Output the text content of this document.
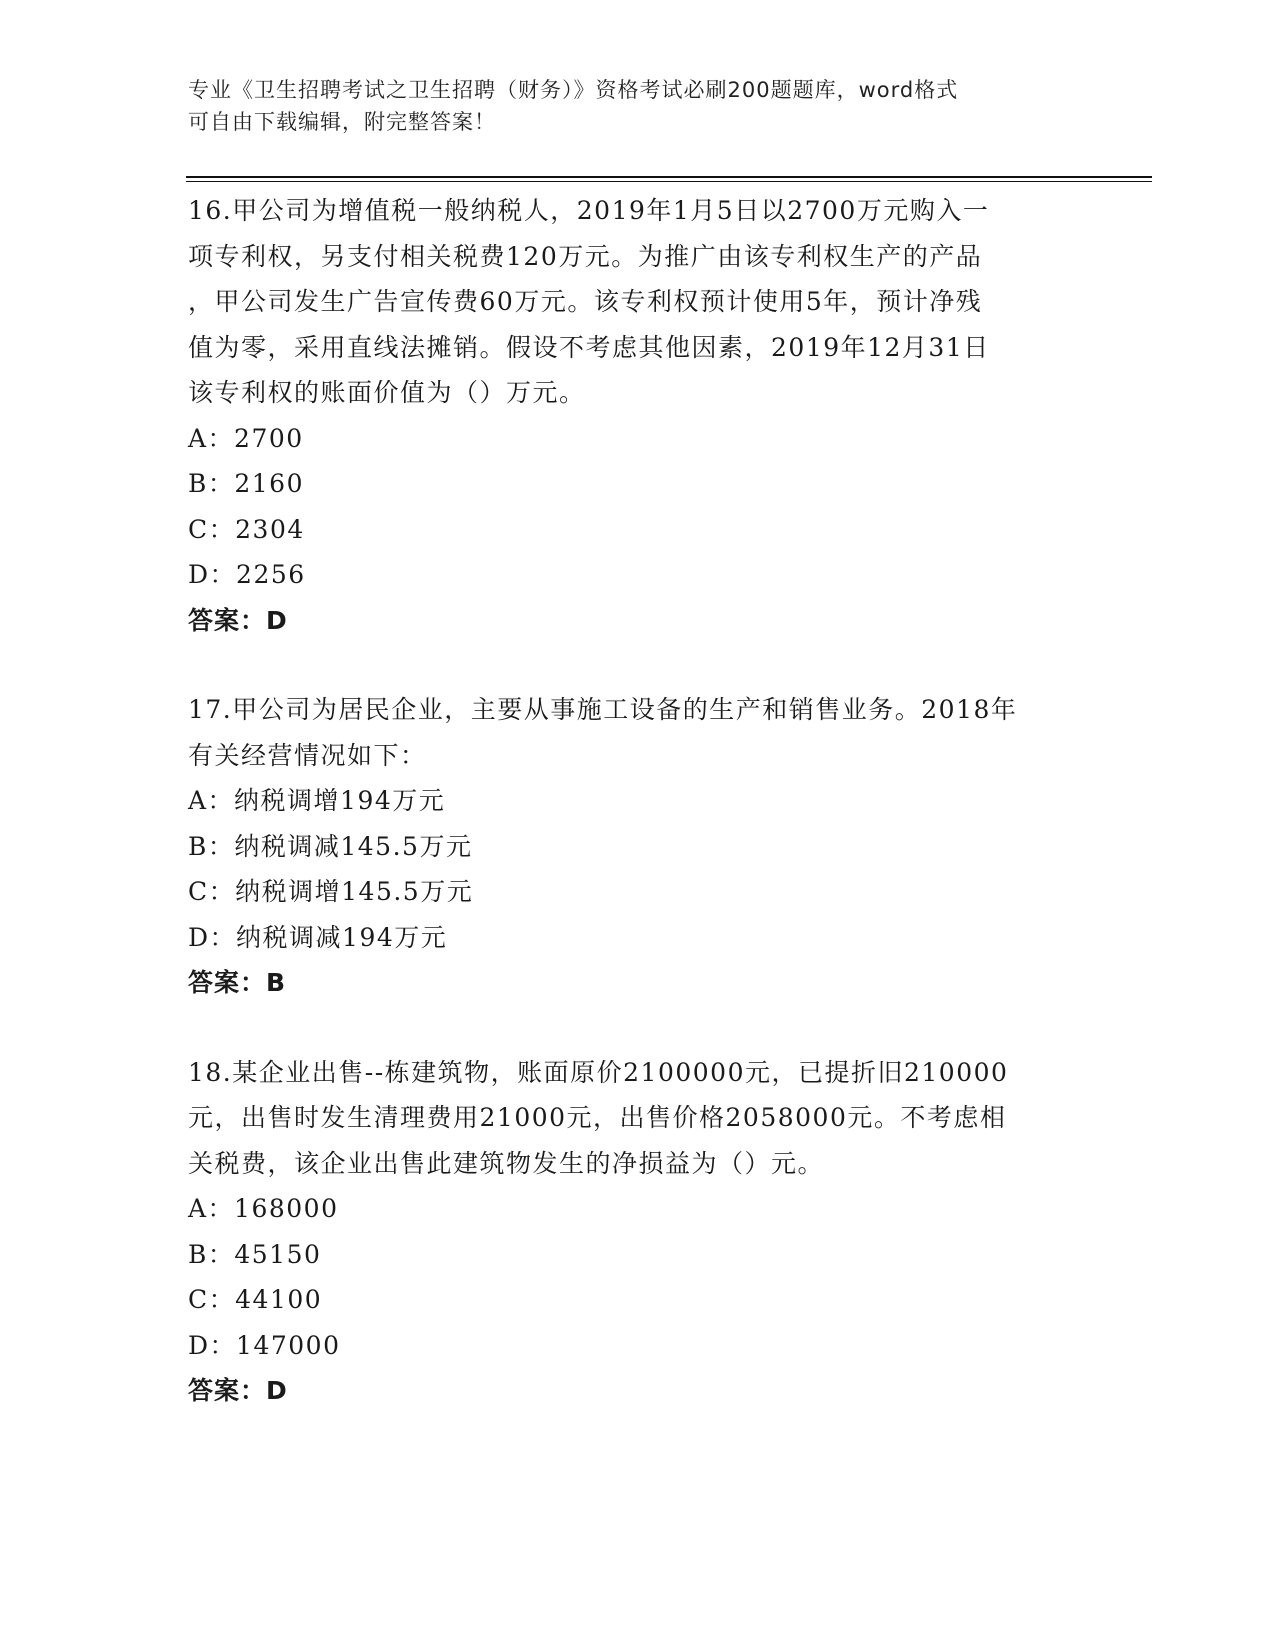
专业《卫生招聘考试之卫生招聘（财务）》资格考试必刷200题题库，word格式
可自由下载编辑，附完整答案！
16.甲公司为增值税一般纳税人，2019年1月5日以2700万元购入一
项专利权，另支付相关税费120万元。为推广由该专利权生产的产品
，甲公司发生广告宣传费60万元。该专利权预计使用5年，预计净残
值为零，采用直线法摊销。假设不考虑其他因素，2019年12月31日
该专利权的账面价值为（）万元。
A：2700
B：2160
C：2304
D：2256
答案：D
17.甲公司为居民企业，主要从事施工设备的生产和销售业务。2018年
有关经营情况如下：
A：纳税调增194万元
B：纳税调减145.5万元
C：纳税调增145.5万元
D：纳税调减194万元
答案：B
18.某企业出售--栋建筑物，账面原价2100000元，已提折旧210000
元，出售时发生清理费用21000元，出售价格2058000元。不考虑相
关税费，该企业出售此建筑物发生的净损益为（）元。
A：168000
B：45150
C：44100
D：147000
答案：D
